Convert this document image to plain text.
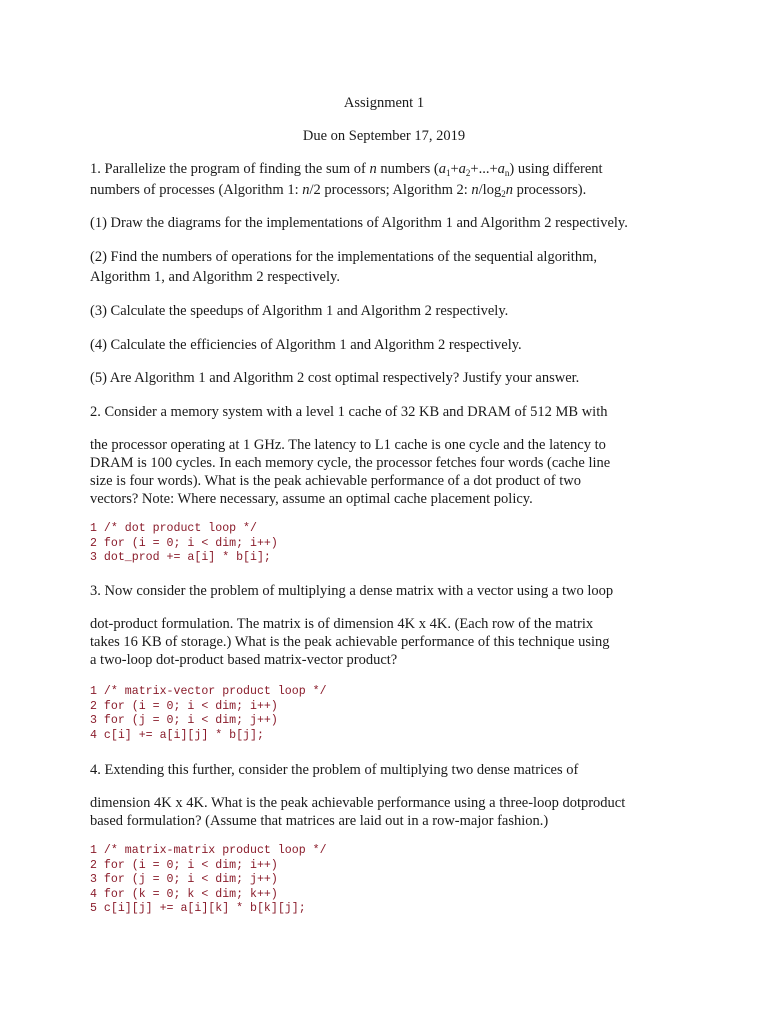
Assignment 1
Due on September 17, 2019
1. Parallelize the program of finding the sum of n numbers $(a_1+a_2+...+a_n)$ using different
numbers of processes (Algorithm 1: n/2 processors; Algorithm 2: $n/\log_2n$ processors).
(1) Draw the diagrams for the implementations of Algorithm 1 and Algorithm 2 respectively.
(2) Find the numbers of operations for the implementations of the sequential algorithm,
Algorithm 1, and Algorithm 2 respectively.
(3) Calculate the speedups of Algorithm 1 and Algorithm 2 respectively.
(4) Calculate the efficiencies of Algorithm 1 and Algorithm 2 respectively.
(5) Are Algorithm 1 and Algorithm 2 cost optimal respectively? Justify your answer.
2. Consider a memory system with a level 1 cache of 32 KB and DRAM of 512 MB with
the processor operating at 1 GHz. The latency to L1 cache is one cycle and the latency to
DRAM is 100 cycles. In each memory cycle, the processor fetches four words (cache line
size is four words). What is the peak achievable performance of a dot product of two
vectors? Note: Where necessary, assume an optimal cache placement policy.
1 /* dot product loop */
2 for (i = 0; i < dim; i++)
3 dot_prod += a[i] * b[i];
3. Now consider the problem of multiplying a dense matrix with a vector using a two loop
dot-product formulation. The matrix is of dimension 4K x 4K. (Each row of the matrix
takes 16 KB of storage.) What is the peak achievable performance of this technique using
a two-loop dot-product based matrix-vector product?
1 /* matrix-vector product loop */
2 for (i = 0; i < dim; i++)
3 for (j = 0; i < dim; j++)
4 c[i] += a[i][j] * b[j];
4. Extending this further, consider the problem of multiplying two dense matrices of
dimension 4K x 4K. What is the peak achievable performance using a three-loop dotproduct
based formulation? (Assume that matrices are laid out in a row-major fashion.)
1 /* matrix-matrix product loop */
2 for (i = 0; i < dim; i++)
3 for (j = 0; i < dim; j++)
4 for (k = 0; k < dim; k++)
5 c[i][j] += a[i][k] * b[k][j];
